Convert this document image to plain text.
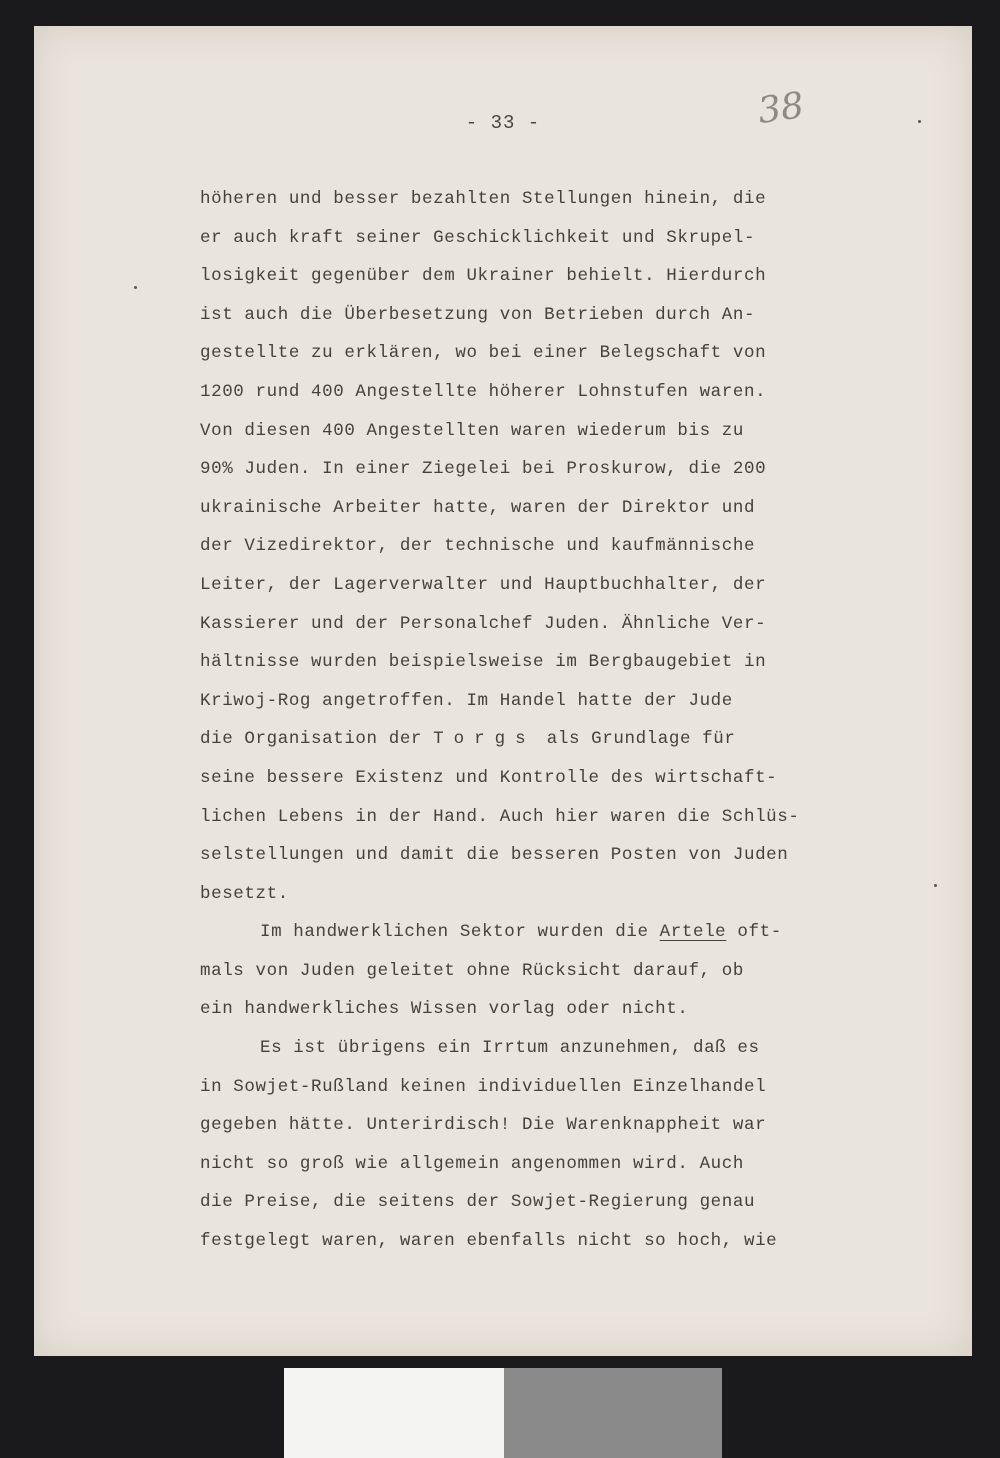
- 33 -	38
höheren und besser bezahlten Stellungen hinein, die
er auch kraft seiner Geschicklichkeit und Skrupel-
losigkeit gegenüber dem Ukrainer behielt. Hierdurch
ist auch die Überbesetzung von Betrieben durch An-
gestellte zu erklären, wo bei einer Belegschaft von
1200 rund 400 Angestellte höherer Lohnstufen waren.
Von diesen 400 Angestellten waren wiederum bis zu
90% Juden. In einer Ziegelei bei Proskurow, die 200
ukrainische Arbeiter hatte, waren der Direktor und
der Vizedirektor, der technische und kaufmännische
Leiter, der Lagerverwalter und Hauptbuchhalter, der
Kassierer und der Personalchef Juden. Ähnliche Ver-
hältnisse wurden beispielsweise im Bergbaugebiet in
Kriwoj-Rog angetroffen. Im Handel hatte der Jude
die Organisation der Torgs als Grundlage für
seine bessere Existenz und Kontrolle des wirtschaft-
lichen Lebens in der Hand. Auch hier waren die Schlüs-
selstellungen und damit die besseren Posten von Juden
besetzt.
Im handwerklichen Sektor wurden die Artele oft-
mals von Juden geleitet ohne Rücksicht darauf, ob
ein handwerkliches Wissen vorlag oder nicht.
Es ist übrigens ein Irrtum anzunehmen, daß es
in Sowjet-Rußland keinen individuellen Einzelhandel
gegeben hätte. Unterirdisch! Die Warenknappheit war
nicht so groß wie allgemein angenommen wird. Auch
die Preise, die seitens der Sowjet-Regierung genau
festgelegt waren, waren ebenfalls nicht so hoch, wie
